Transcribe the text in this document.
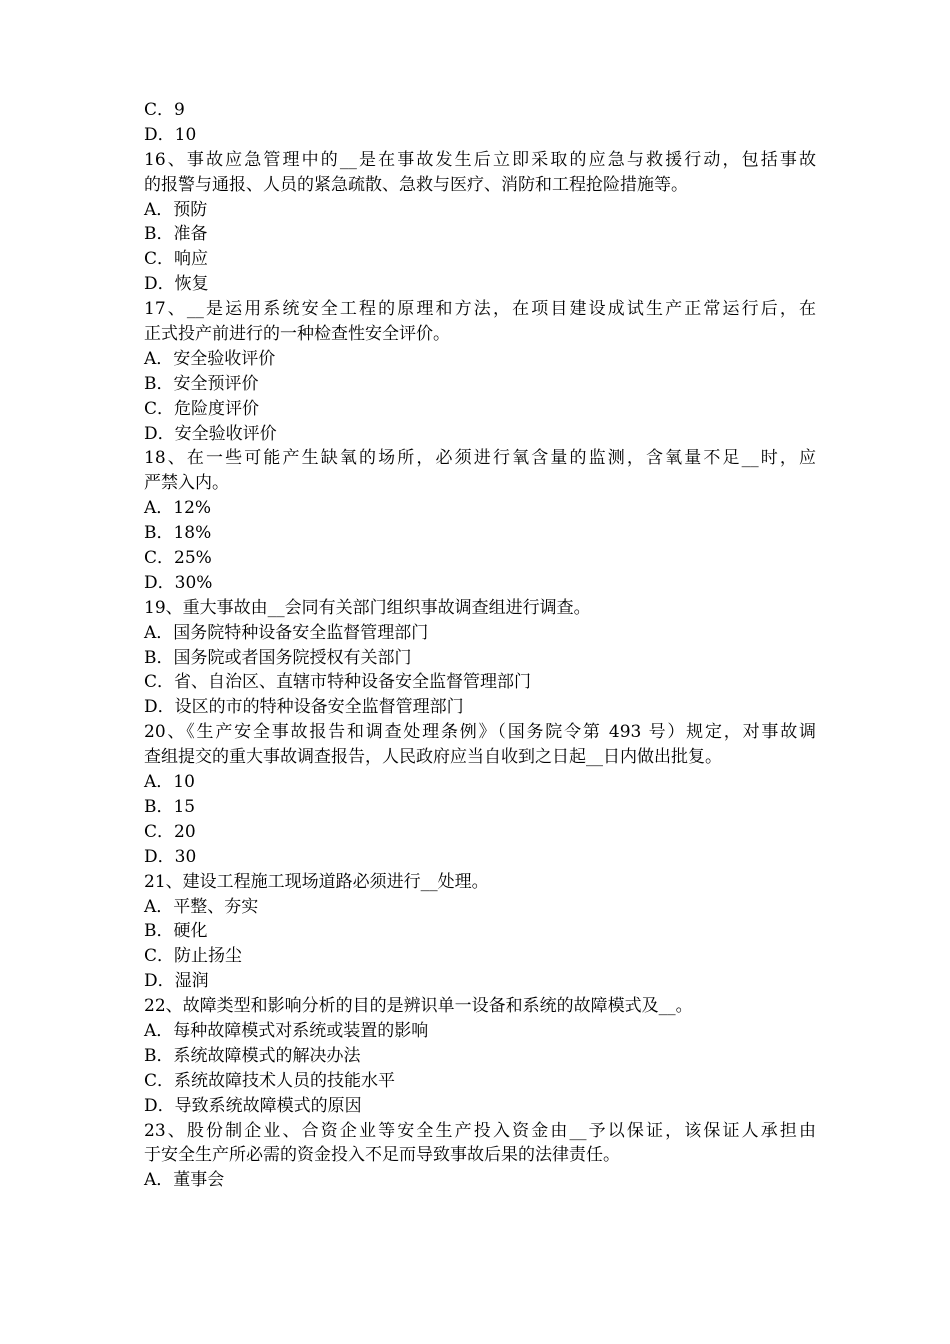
C．9
D．10
16、事故应急管理中的__是在事故发生后立即采取的应急与救援行动，包括事故
的报警与通报、人员的紧急疏散、急救与医疗、消防和工程抢险措施等。
A．预防
B．准备
C．响应
D．恢复
17、__是运用系统安全工程的原理和方法，在项目建设成试生产正常运行后，在
正式投产前进行的一种检查性安全评价。
A．安全验收评价
B．安全预评价
C．危险度评价
D．安全验收评价
18、在一些可能产生缺氧的场所，必须进行氧含量的监测，含氧量不足__时，应
严禁入内。
A．12%
B．18%
C．25%
D．30%
19、重大事故由__会同有关部门组织事故调查组进行调查。
A．国务院特种设备安全监督管理部门
B．国务院或者国务院授权有关部门
C．省、自治区、直辖市特种设备安全监督管理部门
D．设区的市的特种设备安全监督管理部门
20、《生产安全事故报告和调查处理条例》（国务院令第 493 号）规定，对事故调
查组提交的重大事故调查报告，人民政府应当自收到之日起__日内做出批复。
A．10
B．15
C．20
D．30
21、建设工程施工现场道路必须进行__处理。
A．平整、夯实
B．硬化
C．防止扬尘
D．湿润
22、故障类型和影响分析的目的是辨识单一设备和系统的故障模式及__。
A．每种故障模式对系统或装置的影响
B．系统故障模式的解决办法
C．系统故障技术人员的技能水平
D．导致系统故障模式的原因
23、股份制企业、合资企业等安全生产投入资金由__予以保证，该保证人承担由
于安全生产所必需的资金投入不足而导致事故后果的法律责任。
A．董事会
